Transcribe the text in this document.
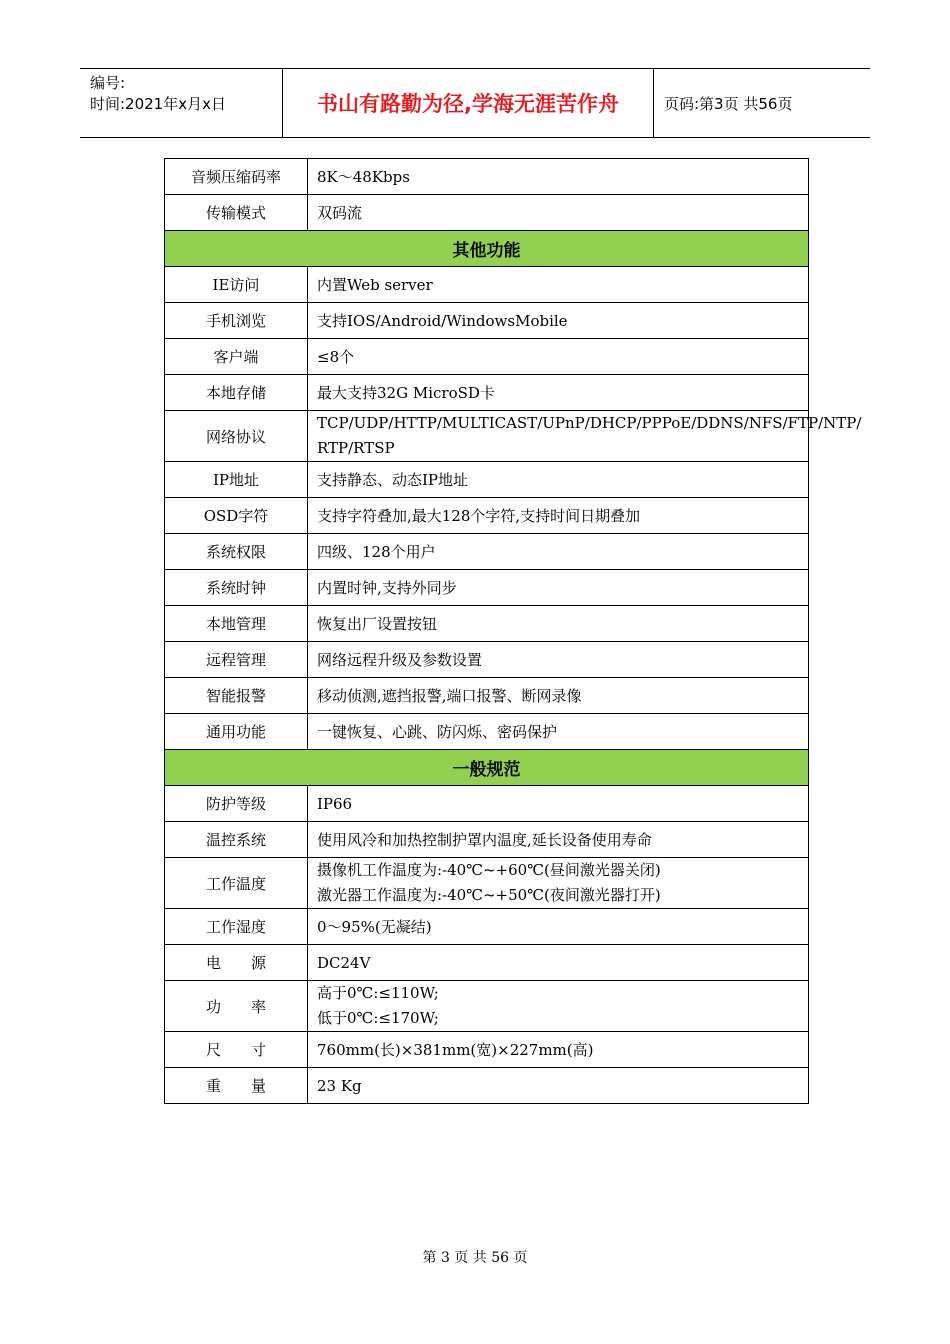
编号:
时间:2021年x月x日	书山有路勤为径,学海无涯苦作舟	页码:第3页 共56页
音频压缩码率	8K～48Kbps
传输模式	双码流
其他功能	
IE访问	内置Web server
手机浏览	支持IOS/Android/WindowsMobile
客户端	≤8个
本地存储	最大支持32G MicroSD卡
网络协议	TCP/UDP/HTTP/MULTICAST/UPnP/DHCP/PPPoE/DDNS/NFS/FTP/NTP/
RTP/RTSP

IP地址	支持静态、动态IP地址
OSD字符	支持字符叠加,最大128个字符,支持时间日期叠加
系统权限	四级、128个用户
系统时钟	内置时钟,支持外同步
本地管理	恢复出厂设置按钮
远程管理	网络远程升级及参数设置
智能报警	移动侦测,遮挡报警,端口报警、断网录像
通用功能	一键恢复、心跳、防闪烁、密码保护
一般规范	
防护等级	IP66
温控系统	使用风冷和加热控制护罩内温度,延长设备使用寿命
工作温度	摄像机工作温度为:-40℃~+60℃(昼间激光器关闭)
激光器工作温度为:-40℃~+50℃(夜间激光器打开)

工作湿度	0～95%(无凝结)
电　　源	DC24V
功　　率	高于0℃:≤110W;
低于0℃:≤170W;

尺　　寸	760mm(长)×381mm(宽)×227mm(高)
重　　量	23 Kg
第 3 页 共 56 页
